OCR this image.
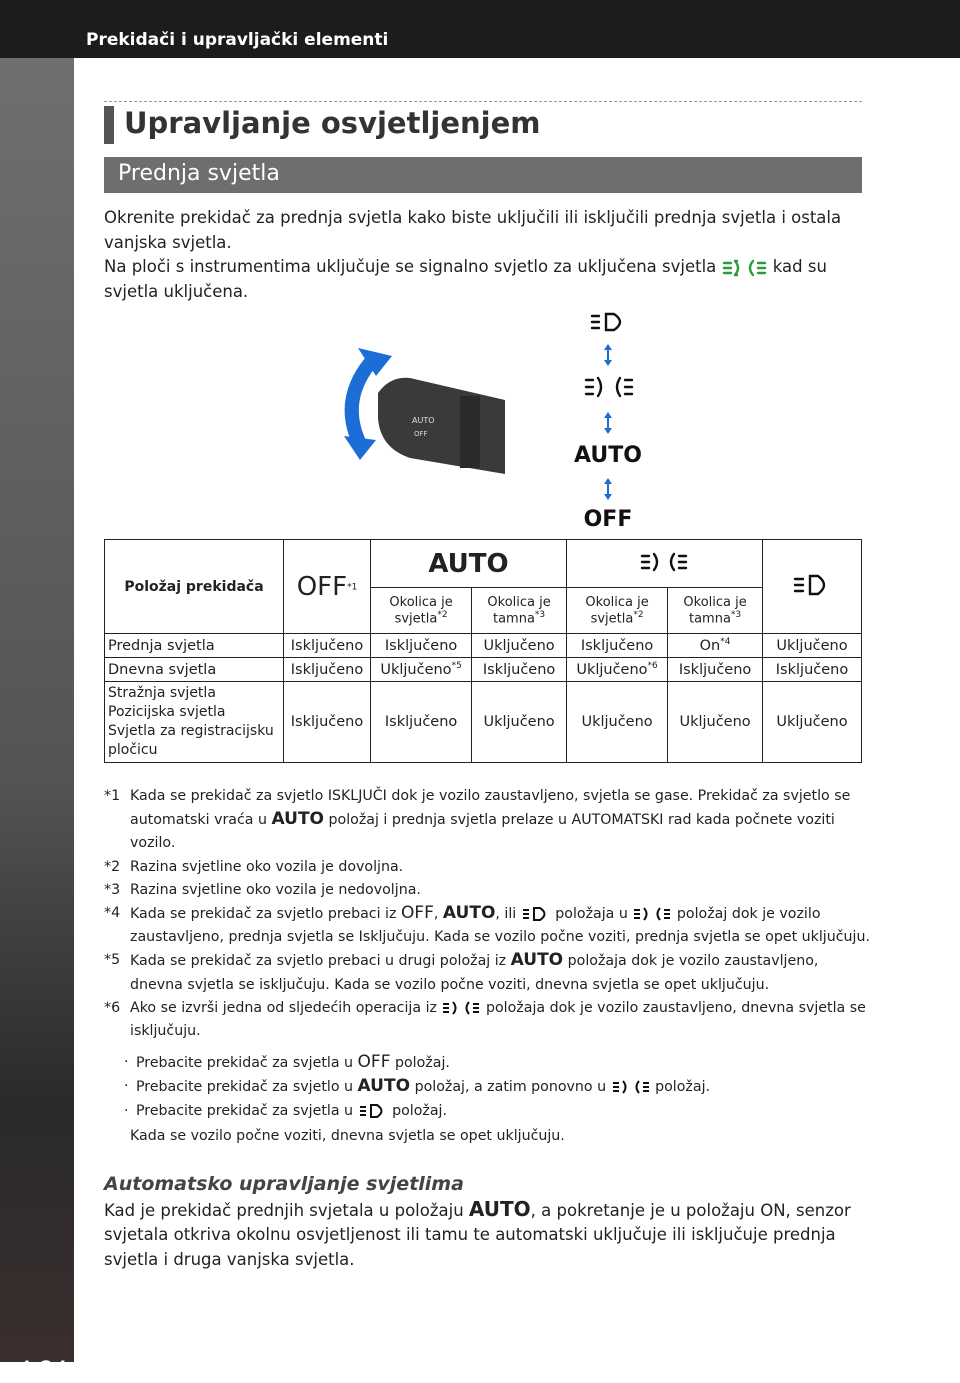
Prekidači i upravljački elementi
4-24
Upravljanje osvjetljenjem
Prednja svjetla
Okrenite prekidač za prednja svjetla kako biste uključili ili isključili prednja svjetla i ostala vanjska svjetla.
Na ploči s instrumentima uključuje se signalno svjetlo za uključena svjetla	kad su svjetla uključena.
AUTO
OFF
AUTO
OFF
Položaj prekidača	OFF$^{*1}$	AUTO		
		Okolica je svjetla$^{*2}$	Okolica je tamna$^{*3}$	Okolica je svjetla$^{*2}$	Okolica je tamna$^{*3}$
Prednja svjetla	Isključeno	Isključeno	Uključeno	Isključeno	On$^{*4}$	Uključeno
Dnevna svjetla	Isključeno	Uključeno$^{*5}$	Isključeno	Uključeno$^{*6}$	Isključeno	Isključeno
Stražnja svjetla
Pozicijska svjetla
Svjetla za registracijsku pločicu	Isključeno	Isključeno	Uključeno	Uključeno	Uključeno	Uključeno
*1 Kada se prekidač za svjetlo ISKLJUČI dok je vozilo zaustavljeno, svjetla se gase. Prekidač za svjetlo se automatski vraća u AUTO položaj i prednja svjetla prelaze u AUTOMATSKI rad kada počnete voziti vozilo.
*2 Razina svjetline oko vozila je dovoljna.
*3 Razina svjetline oko vozila je nedovoljna.
*4 Kada se prekidač za svjetlo prebaci iz OFF, AUTO, ili	položaja u	položaj dok je vozilo zaustavljeno, prednja svjetla se Isključuju. Kada se vozilo počne voziti, prednja svjetla se opet uključuju.
*5 Kada se prekidač za svjetlo prebaci u drugi položaj iz AUTO položaja dok je vozilo zaustavljeno, dnevna svjetla se isključuju. Kada se vozilo počne voziti, dnevna svjetla se opet uključuju.
*6 Ako se izvrši jedna od sljedećih operacija iz	položaja dok je vozilo zaustavljeno, dnevna svjetla se isključuju.
· Prebacite prekidač za svjetla u OFF položaj.
· Prebacite prekidač za svjetlo u AUTO položaj, a zatim ponovno u	položaj.
· Prebacite prekidač za svjetla u	položaj.
Kada se vozilo počne voziti, dnevna svjetla se opet uključuju.
Automatsko upravljanje svjetlima
Kad je prekidač prednjih svjetala u položaju AUTO, a pokretanje je u položaju ON, senzor svjetala otkriva okolnu osvjetljenost ili tamu te automatski uključuje ili isključuje prednja svjetla i druga vanjska svjetla.
